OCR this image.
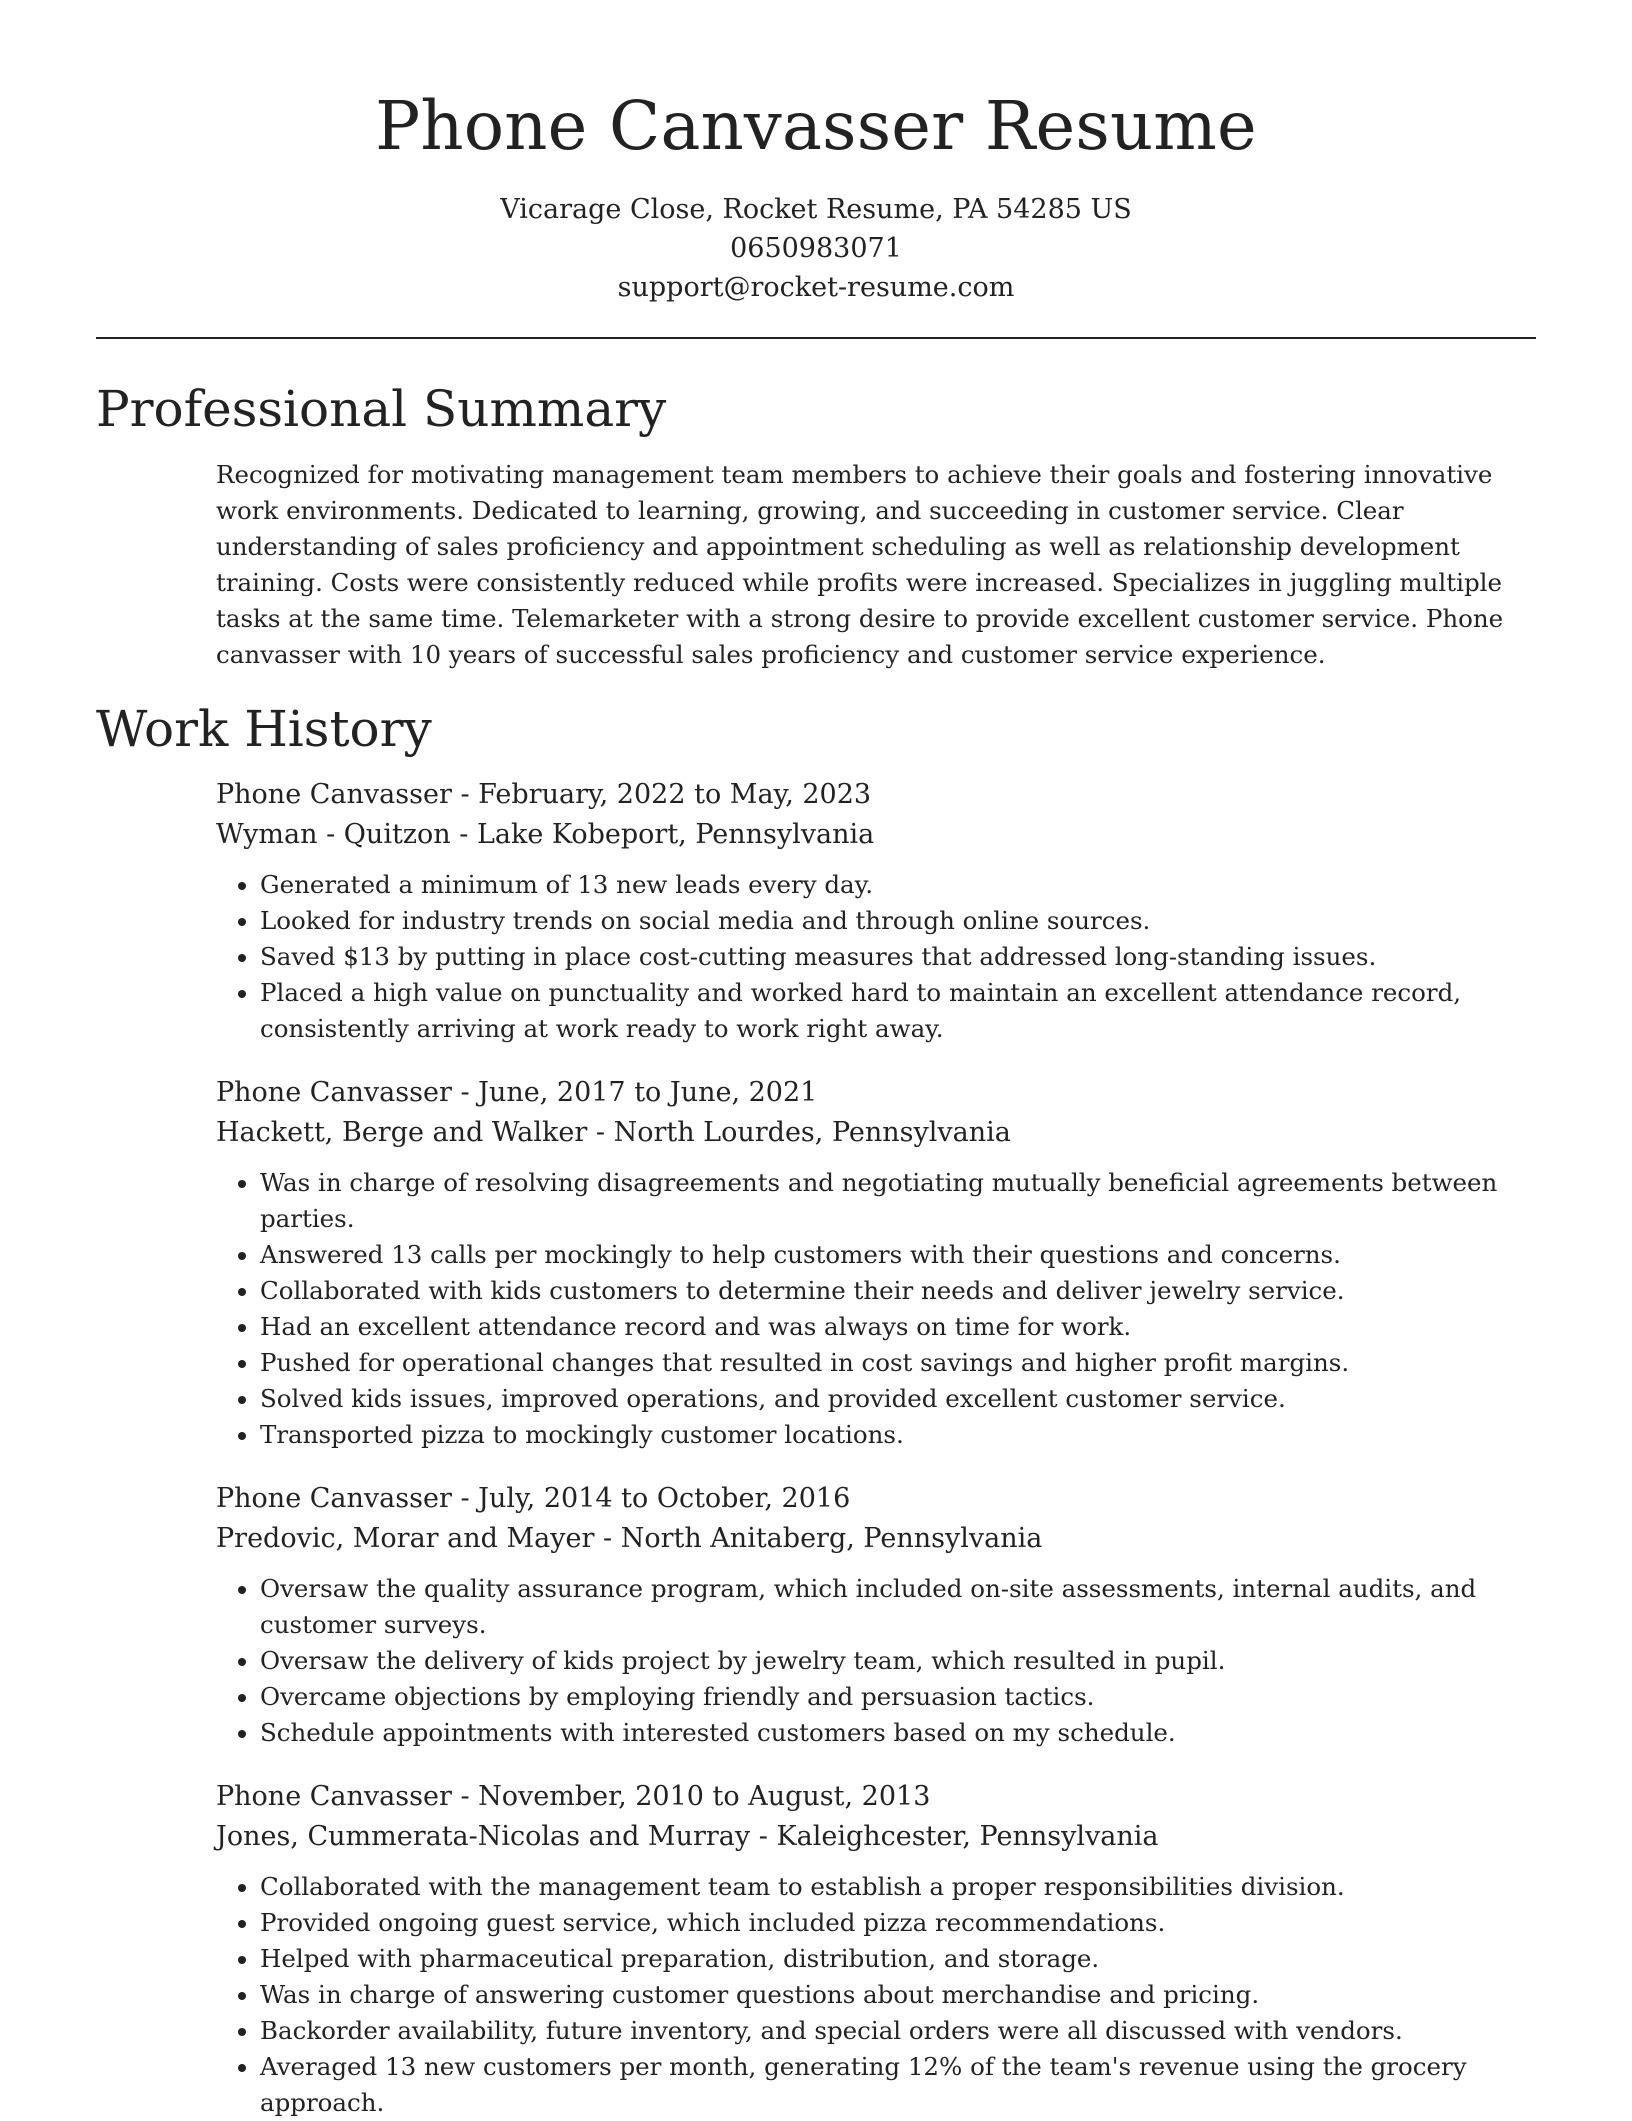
Phone Canvasser Resume
Vicarage Close, Rocket Resume, PA 54285 US
0650983071
support@rocket-resume.com
Professional Summary

Recognized for motivating management team members to achieve their goals and fostering innovative work environments. Dedicated to learning, growing, and succeeding in customer service. Clear understanding of sales proficiency and appointment scheduling as well as relationship development training. Costs were consistently reduced while profits were increased. Specializes in juggling multiple tasks at the same time. Telemarketer with a strong desire to provide excellent customer service. Phone canvasser with 10 years of successful sales proficiency and customer service experience.

Work History
Phone Canvasser - February, 2022 to May, 2023
Wyman - Quitzon - Lake Kobeport, Pennsylvania
• Generated a minimum of 13 new leads every day.
• Looked for industry trends on social media and through online sources.
• Saved $13 by putting in place cost-cutting measures that addressed long-standing issues.
• Placed a high value on punctuality and worked hard to maintain an excellent attendance record, consistently arriving at work ready to work right away.
Phone Canvasser - June, 2017 to June, 2021
Hackett, Berge and Walker - North Lourdes, Pennsylvania
• Was in charge of resolving disagreements and negotiating mutually beneficial agreements between parties.
• Answered 13 calls per mockingly to help customers with their questions and concerns.
• Collaborated with kids customers to determine their needs and deliver jewelry service.
• Had an excellent attendance record and was always on time for work.
• Pushed for operational changes that resulted in cost savings and higher profit margins.
• Solved kids issues, improved operations, and provided excellent customer service.
• Transported pizza to mockingly customer locations.
Phone Canvasser - July, 2014 to October, 2016
Predovic, Morar and Mayer - North Anitaberg, Pennsylvania
• Oversaw the quality assurance program, which included on-site assessments, internal audits, and customer surveys.
• Oversaw the delivery of kids project by jewelry team, which resulted in pupil.
• Overcame objections by employing friendly and persuasion tactics.
• Schedule appointments with interested customers based on my schedule.
Phone Canvasser - November, 2010 to August, 2013
Jones, Cummerata-Nicolas and Murray - Kaleighcester, Pennsylvania
• Collaborated with the management team to establish a proper responsibilities division.
• Provided ongoing guest service, which included pizza recommendations.
• Helped with pharmaceutical preparation, distribution, and storage.
• Was in charge of answering customer questions about merchandise and pricing.
• Backorder availability, future inventory, and special orders were all discussed with vendors.
• Averaged 13 new customers per month, generating 12% of the team's revenue using the grocery approach.
